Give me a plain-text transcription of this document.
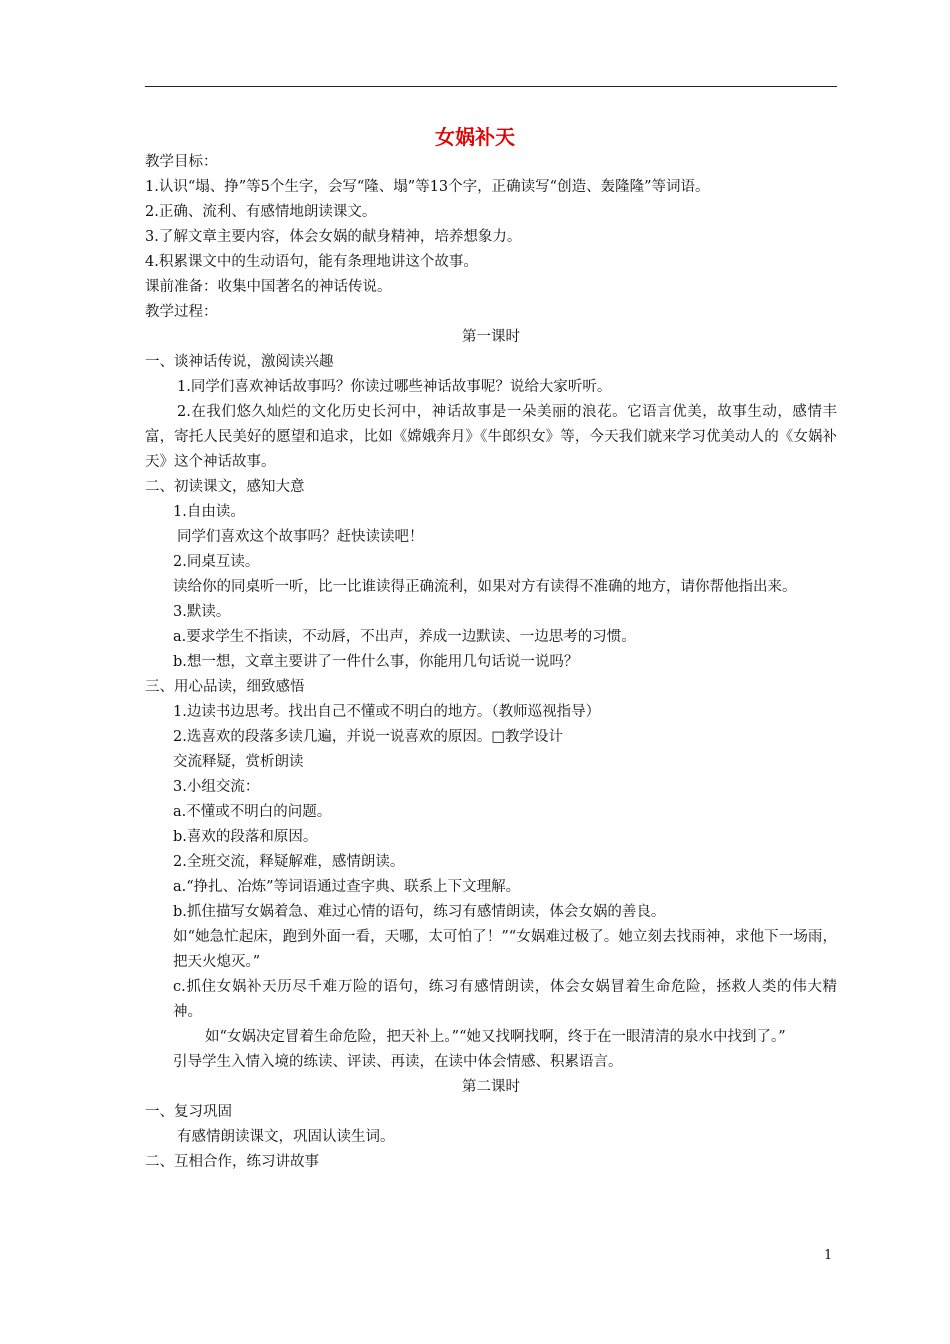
女娲补天

教学目标：

1.认识“塌、挣”等5个生字，会写“隆、塌”等13个字，正确读写“创造、轰隆隆”等词语。

2.正确、流利、有感情地朗读课文。

3.了解文章主要内容，体会女娲的献身精神，培养想象力。

4.积累课文中的生动语句，能有条理地讲这个故事。

课前准备：收集中国著名的神话传说。

教学过程：

第一课时

一、谈神话传说，激阅读兴趣

1.同学们喜欢神话故事吗？你读过哪些神话故事呢？说给大家听听。

2.在我们悠久灿烂的文化历史长河中，神话故事是一朵美丽的浪花。它语言优美，故事生动，感情丰富，寄托人民美好的愿望和追求，比如《嫦娥奔月》《牛郎织女》等，今天我们就来学习优美动人的《女娲补天》这个神话故事。

二、初读课文，感知大意

1.自由读。

同学们喜欢这个故事吗？赶快读读吧！

2.同桌互读。

读给你的同桌听一听，比一比谁读得正确流利，如果对方有读得不准确的地方，请你帮他指出来。

3.默读。

a.要求学生不指读，不动唇，不出声，养成一边默读、一边思考的习惯。

b.想一想，文章主要讲了一件什么事，你能用几句话说一说吗？

三、用心品读，细致感悟

1.边读书边思考。找出自己不懂或不明白的地方。（教师巡视指导）

2.选喜欢的段落多读几遍，并说一说喜欢的原因。□教学设计

交流释疑，赏析朗读

3.小组交流：

a.不懂或不明白的问题。

b.喜欢的段落和原因。

2.全班交流，释疑解难，感情朗读。

a.“挣扎、冶炼”等词语通过查字典、联系上下文理解。

b.抓住描写女娲着急、难过心情的语句，练习有感情朗读，体会女娲的善良。

如“她急忙起床，跑到外面一看，天哪，太可怕了！”“女娲难过极了。她立刻去找雨神，求他下一场雨，把天火熄灭。”

c.抓住女娲补天历尽千难万险的语句，练习有感情朗读，体会女娲冒着生命危险，拯救人类的伟大精神。

如“女娲决定冒着生命危险，把天补上。”“她又找啊找啊，终于在一眼清清的泉水中找到了。”

引导学生入情入境的练读、评读、再读，在读中体会情感、积累语言。

第二课时

一、复习巩固

有感情朗读课文，巩固认读生词。

二、互相合作，练习讲故事

1
